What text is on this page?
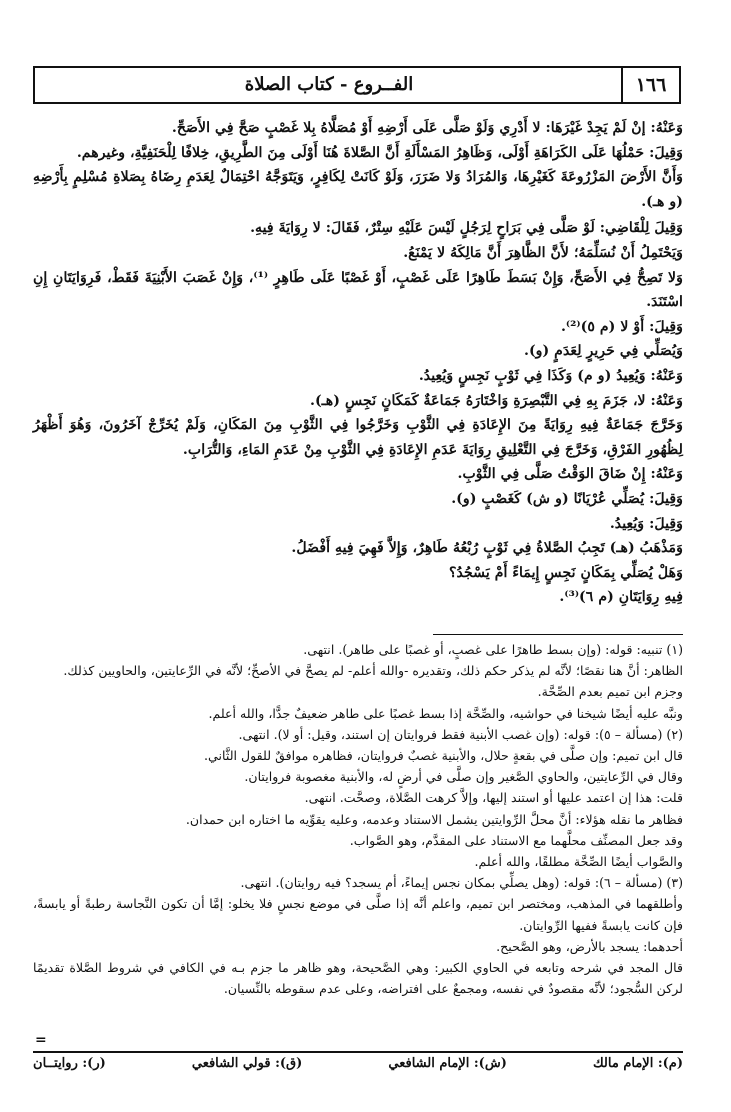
١٦٦
الفــروع - كتاب الصلاة

وَعَنْهُ: إنْ لَمْ يَجِدْ غَيْرَهَا: لا أَدْرِي وَلَوْ صَلَّى عَلَى أَرْضِهِ أَوْ مُصَلَّاهُ بِلا غَصْبٍ صَحَّ فِي الأَصَحِّ.

وَقِيلَ: حَمْلُهَا عَلَى الكَرَاهَةِ أَوْلَى، وَظَاهِرُ المَسْأَلَةِ أَنَّ الصَّلاةَ هُنَا أَوْلَى مِنَ الطَّرِيقِ، خِلافًا لِلْحَنَفِيَّةِ، وغيرهم.

وَأَنَّ الأَرْضَ المَزْرُوعَةَ كَغَيْرِهَا، وَالمُرَادُ وَلا ضَرَرَ، وَلَوْ كَانَتْ لِكَافِرٍ، وَيَتَوَجَّهُ احْتِمَالٌ لِعَدَمِ رِضَاهُ بِصَلاةِ مُسْلِمٍ بِأَرْضِهِ (و هـ).

وَقِيلَ لِلْقَاضِي: لَوْ صَلَّى فِي بَرَاحٍ لِرَجُلٍ لَيْسَ عَلَيْهِ سِتْرٌ، فَقَالَ: لا رِوَايَةَ فِيهِ.

وَيَحْتَمِلُ أَنْ نُسَلِّمَهُ؛ لأَنَّ الظَّاهِرَ أَنَّ مَالِكَهُ لا يَمْنَعُ.

وَلا تَصِحُّ فِي الأَصَحِّ، وَإِنْ بَسَطَ طَاهِرًا عَلَى غَصْبٍ، أَوْ غَصْبًا عَلَى طَاهِرٍ ⁽¹⁾، وَإِنْ غَصَبَ الأَبْنِيَةَ فَقَطْ، فَرِوَايَتَانِ إِنِ اسْتَنَدَ.

وَقِيلَ: أَوْ لا (م ٥)⁽²⁾.

وَيُصَلِّي فِي حَرِيرٍ لِعَدَمٍ (و).

وَعَنْهُ: وَيُعِيدُ (و م) وَكَذَا فِي ثَوْبٍ نَجِسٍ وَيُعِيدُ.

وَعَنْهُ: لا، جَزَمَ بِهِ فِي التَّبْصِرَةِ وَاخْتَارَهُ جَمَاعَةٌ كَمَكَانٍ نَجِسٍ (هـ).

وَخَرَّجَ جَمَاعَةٌ فِيهِ رِوَايَةً مِنَ الإِعَادَةِ فِي الثَّوْبِ وَخَرَّجُوا فِي الثَّوْبِ مِنَ المَكَانِ، وَلَمْ يُخَرِّجْ آخَرُونَ، وَهُوَ أَظْهَرُ لِظُهُورِ الفَرْقِ، وَخَرَّجَ فِي التَّعْلِيقِ رِوَايَةَ عَدَمِ الإِعَادَةِ فِي الثَّوْبِ مِنْ عَدَمِ المَاءِ، وَالتُّرَابِ.

وَعَنْهُ: إِنْ ضَاقَ الوَقْتُ صَلَّى فِي الثَّوْبِ.

وَقِيلَ: يُصَلِّي عُرْيَانًا (و ش) كَغَصْبٍ (و).

وَقِيلَ: وَيُعِيدُ.

وَمَذْهَبُ (هـ) تَجِبُ الصَّلاةُ فِي ثَوْبٍ رُبْعُهُ طَاهِرٌ، وَإِلاَّ فَهِيَ فِيهِ أَفْضَلُ.

وَهَلْ يُصَلِّي بِمَكَانٍ نَجِسٍ إِيمَاءً أَمْ يَسْجُدُ؟

فِيهِ رِوَايَتَانِ (م ٦)⁽³⁾.

(١) تنبيه: قوله: (وإن بسط طاهرًا على غصبٍ، أو غصبًا على طاهر). انتهى.

الظاهر: أنَّ هنا نقصًا؛ لأنَّه لم يذكر حكم ذلك، وتقديره -والله أعلم- لم يصحَّ في الأصحِّ؛ لأنَّه في الرِّعايتين، والحاويين كذلك.

وجزم ابن تميم بعدم الصِّحَّة.

ونبَّه عليه أيضًا شيخنا في حواشيه، والصِّحَّة إذا بسط غصبًا على طاهر ضعيفٌ جدًّا، والله أعلم.

(٢) (مسألة – ٥): قوله: (وإن غصب الأبنية فقط فروايتان إن استند، وقيل: أو لا). انتهى.

قال ابن تميم: وإن صلَّى في بقعةٍ حلال، والأبنية غصبٌ فروايتان، فظاهره موافقٌ للقول الثَّاني.

وقال في الرِّعايتين، والحاوي الصَّغير وإن صلَّى في أرضٍ له، والأبنية مغصوبة فروايتان.

قلت: هذا إن اعتمد عليها أو استند إليها، وإلاَّ كرهت الصَّلاة، وصحَّت. انتهى.

فظاهر ما نقله هؤلاء: أنَّ محلَّ الرِّوايتين يشمل الاستناد وعدمه، وعليه يقوِّيه ما اختاره ابن حمدان.

وقد جعل المصنِّف محلَّهما مع الاستناد على المقدَّم، وهو الصَّواب.

والصَّواب أيضًا الصِّحَّة مطلقًا، والله أعلم.

(٣) (مسألة – ٦): قوله: (وهل يصلِّي بمكان نجس إيماءً، أم يسجد؟ فيه روايتان). انتهى.

وأطلقهما في المذهب، ومختصر ابن تميم، واعلم أنَّه إذا صلَّى في موضع نجسٍ فلا يخلو: إمَّا أن تكون النَّجاسة رطبةً أو يابسةً، فإن كانت يابسةً ففيها الرِّوايتان.

أحدهما: يسجد بالأرض، وهو الصَّحيح.

قال المجد في شرحه وتابعه في الحاوي الكبير: وهي الصَّحيحة، وهو ظاهر ما جزم بـه في الكافي في شروط الصَّلاة تقديمًا لركن السُّجود؛ لأنَّه مقصودٌ في نفسه، ومجمعٌ على افتراضه، وعلى عدم سقوطه بالنِّسيان.

=
(م): الإمام مالك
(ش): الإمام الشافعي
(ق): قولي الشافعي
(ر): روايتــان
